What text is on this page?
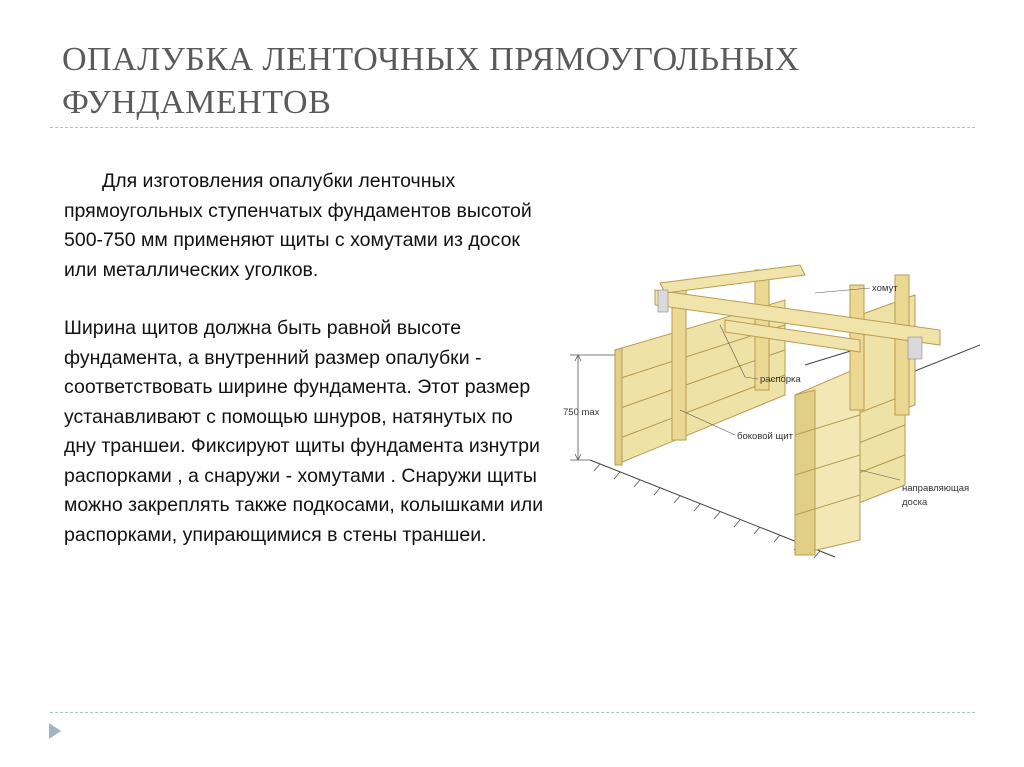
ОПАЛУБКА ЛЕНТОЧНЫХ ПРЯМОУГОЛЬНЫХ ФУНДАМЕНТОВ

Для изготовления опалубки ленточных прямоугольных ступенчатых фундаментов высотой 500-750 мм применяют щиты с хомутами из досок или металлических уголков.

Ширина щитов должна быть равной высоте фундамента, а внутренний размер опалубки - соответствовать ширине фундамента. Этот размер устанавливают с помощью шнуров, натянутых по дну траншеи. Фиксируют щиты фундамента изнутри распорками , а снаружи - хомутами . Снаружи щиты можно закреплять также подкосами, колышками или распорками, упирающимися в стены траншеи.

750 max
хомут
распорка
боковой щит
направляющая
доска
